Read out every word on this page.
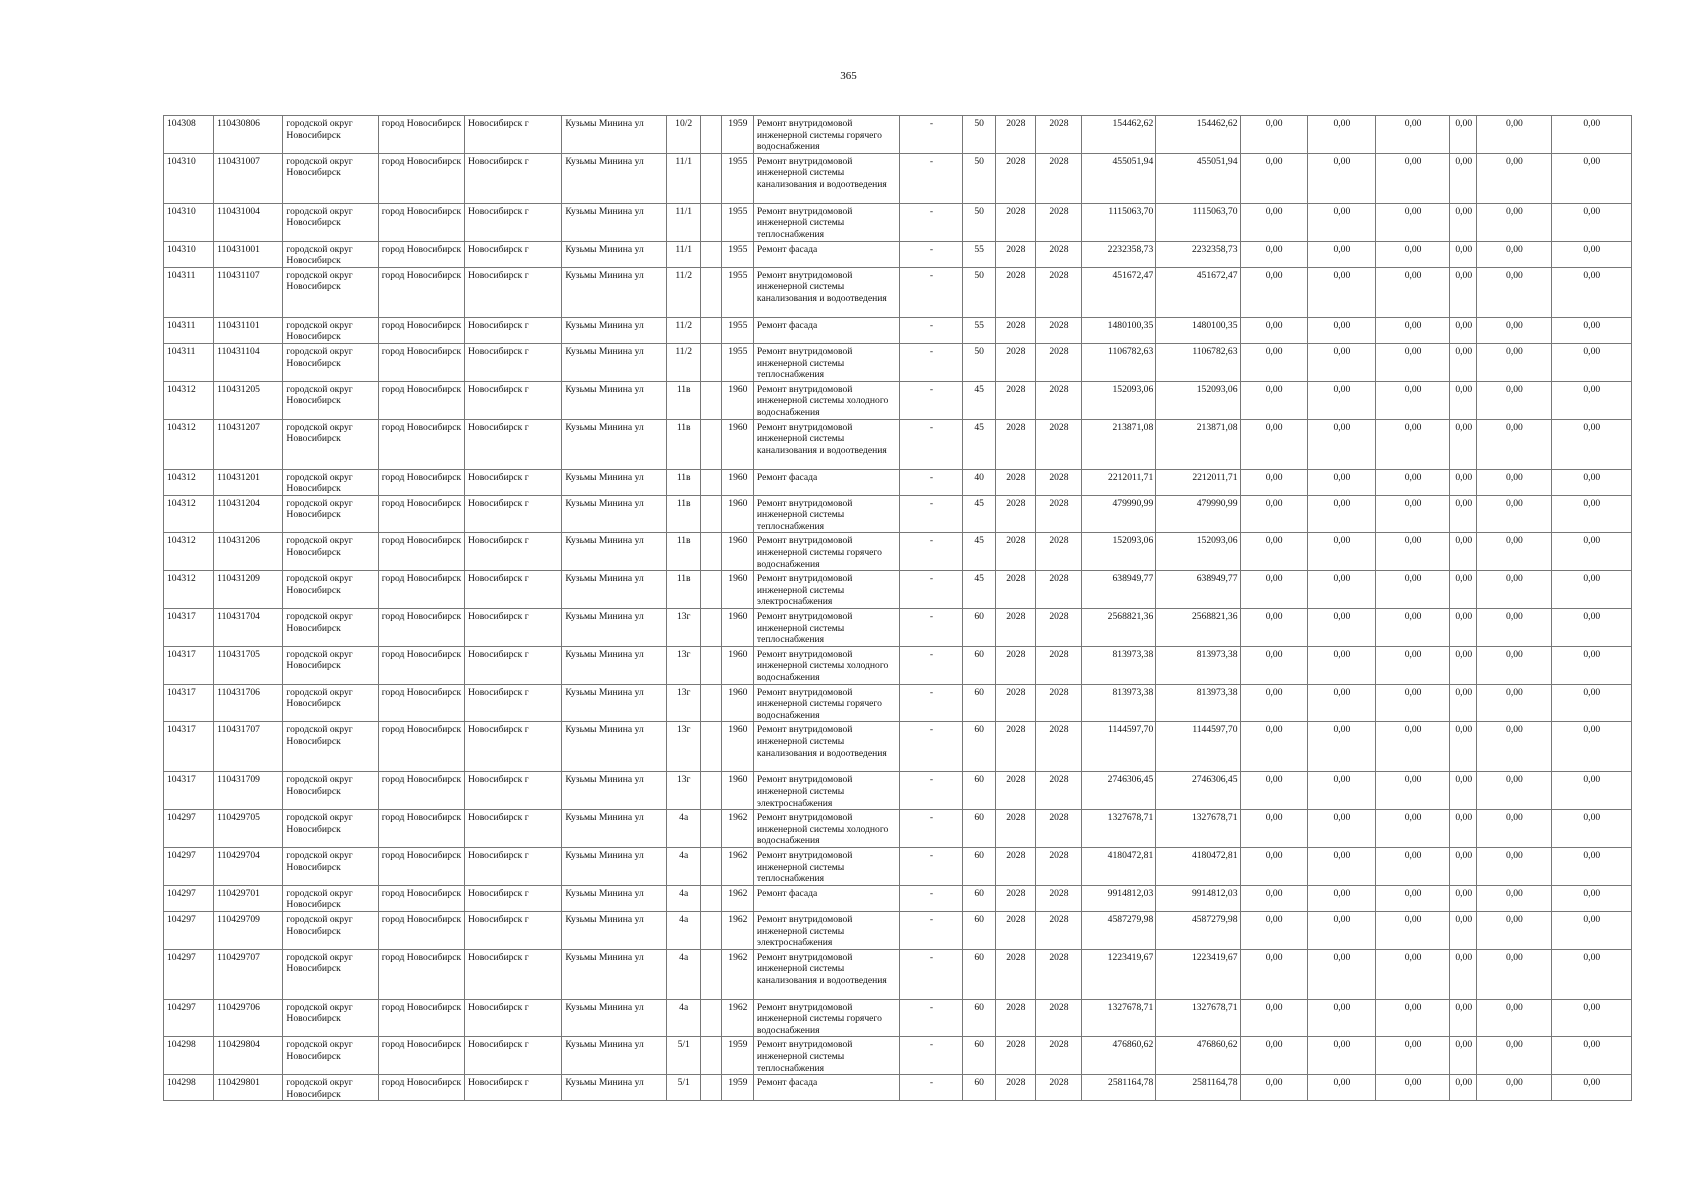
365
104308	110430806	городской округ Новосибирск	город Новосибирск	Новосибирск г	Кузьмы Минина ул	10/2		1959	Ремонт внутридомовой инженерной системы горячего водоснабжения	-	50	2028	2028	154462,62	154462,62	0,00	0,00	0,00	0,00	0,00	0,00
104310	110431007	городской округ Новосибирск	город Новосибирск	Новосибирск г	Кузьмы Минина ул	11/1		1955	Ремонт внутридомовой инженерной системы канализования и водоотведения	-	50	2028	2028	455051,94	455051,94	0,00	0,00	0,00	0,00	0,00	0,00
104310	110431004	городской округ Новосибирск	город Новосибирск	Новосибирск г	Кузьмы Минина ул	11/1		1955	Ремонт внутридомовой инженерной системы теплоснабжения	-	50	2028	2028	1115063,70	1115063,70	0,00	0,00	0,00	0,00	0,00	0,00
104310	110431001	городской округ Новосибирск	город Новосибирск	Новосибирск г	Кузьмы Минина ул	11/1		1955	Ремонт фасада	-	55	2028	2028	2232358,73	2232358,73	0,00	0,00	0,00	0,00	0,00	0,00
104311	110431107	городской округ Новосибирск	город Новосибирск	Новосибирск г	Кузьмы Минина ул	11/2		1955	Ремонт внутридомовой инженерной системы канализования и водоотведения	-	50	2028	2028	451672,47	451672,47	0,00	0,00	0,00	0,00	0,00	0,00
104311	110431101	городской округ Новосибирск	город Новосибирск	Новосибирск г	Кузьмы Минина ул	11/2		1955	Ремонт фасада	-	55	2028	2028	1480100,35	1480100,35	0,00	0,00	0,00	0,00	0,00	0,00
104311	110431104	городской округ Новосибирск	город Новосибирск	Новосибирск г	Кузьмы Минина ул	11/2		1955	Ремонт внутридомовой инженерной системы теплоснабжения	-	50	2028	2028	1106782,63	1106782,63	0,00	0,00	0,00	0,00	0,00	0,00
104312	110431205	городской округ Новосибирск	город Новосибирск	Новосибирск г	Кузьмы Минина ул	11в		1960	Ремонт внутридомовой инженерной системы холодного водоснабжения	-	45	2028	2028	152093,06	152093,06	0,00	0,00	0,00	0,00	0,00	0,00
104312	110431207	городской округ Новосибирск	город Новосибирск	Новосибирск г	Кузьмы Минина ул	11в		1960	Ремонт внутридомовой инженерной системы канализования и водоотведения	-	45	2028	2028	213871,08	213871,08	0,00	0,00	0,00	0,00	0,00	0,00
104312	110431201	городской округ Новосибирск	город Новосибирск	Новосибирск г	Кузьмы Минина ул	11в		1960	Ремонт фасада	-	40	2028	2028	2212011,71	2212011,71	0,00	0,00	0,00	0,00	0,00	0,00
104312	110431204	городской округ Новосибирск	город Новосибирск	Новосибирск г	Кузьмы Минина ул	11в		1960	Ремонт внутридомовой инженерной системы теплоснабжения	-	45	2028	2028	479990,99	479990,99	0,00	0,00	0,00	0,00	0,00	0,00
104312	110431206	городской округ Новосибирск	город Новосибирск	Новосибирск г	Кузьмы Минина ул	11в		1960	Ремонт внутридомовой инженерной системы горячего водоснабжения	-	45	2028	2028	152093,06	152093,06	0,00	0,00	0,00	0,00	0,00	0,00
104312	110431209	городской округ Новосибирск	город Новосибирск	Новосибирск г	Кузьмы Минина ул	11в		1960	Ремонт внутридомовой инженерной системы электроснабжения	-	45	2028	2028	638949,77	638949,77	0,00	0,00	0,00	0,00	0,00	0,00
104317	110431704	городской округ Новосибирск	город Новосибирск	Новосибирск г	Кузьмы Минина ул	13г		1960	Ремонт внутридомовой инженерной системы теплоснабжения	-	60	2028	2028	2568821,36	2568821,36	0,00	0,00	0,00	0,00	0,00	0,00
104317	110431705	городской округ Новосибирск	город Новосибирск	Новосибирск г	Кузьмы Минина ул	13г		1960	Ремонт внутридомовой инженерной системы холодного водоснабжения	-	60	2028	2028	813973,38	813973,38	0,00	0,00	0,00	0,00	0,00	0,00
104317	110431706	городской округ Новосибирск	город Новосибирск	Новосибирск г	Кузьмы Минина ул	13г		1960	Ремонт внутридомовой инженерной системы горячего водоснабжения	-	60	2028	2028	813973,38	813973,38	0,00	0,00	0,00	0,00	0,00	0,00
104317	110431707	городской округ Новосибирск	город Новосибирск	Новосибирск г	Кузьмы Минина ул	13г		1960	Ремонт внутридомовой инженерной системы канализования и водоотведения	-	60	2028	2028	1144597,70	1144597,70	0,00	0,00	0,00	0,00	0,00	0,00
104317	110431709	городской округ Новосибирск	город Новосибирск	Новосибирск г	Кузьмы Минина ул	13г		1960	Ремонт внутридомовой инженерной системы электроснабжения	-	60	2028	2028	2746306,45	2746306,45	0,00	0,00	0,00	0,00	0,00	0,00
104297	110429705	городской округ Новосибирск	город Новосибирск	Новосибирск г	Кузьмы Минина ул	4а		1962	Ремонт внутридомовой инженерной системы холодного водоснабжения	-	60	2028	2028	1327678,71	1327678,71	0,00	0,00	0,00	0,00	0,00	0,00
104297	110429704	городской округ Новосибирск	город Новосибирск	Новосибирск г	Кузьмы Минина ул	4а		1962	Ремонт внутридомовой инженерной системы теплоснабжения	-	60	2028	2028	4180472,81	4180472,81	0,00	0,00	0,00	0,00	0,00	0,00
104297	110429701	городской округ Новосибирск	город Новосибирск	Новосибирск г	Кузьмы Минина ул	4а		1962	Ремонт фасада	-	60	2028	2028	9914812,03	9914812,03	0,00	0,00	0,00	0,00	0,00	0,00
104297	110429709	городской округ Новосибирск	город Новосибирск	Новосибирск г	Кузьмы Минина ул	4а		1962	Ремонт внутридомовой инженерной системы электроснабжения	-	60	2028	2028	4587279,98	4587279,98	0,00	0,00	0,00	0,00	0,00	0,00
104297	110429707	городской округ Новосибирск	город Новосибирск	Новосибирск г	Кузьмы Минина ул	4а		1962	Ремонт внутридомовой инженерной системы канализования и водоотведения	-	60	2028	2028	1223419,67	1223419,67	0,00	0,00	0,00	0,00	0,00	0,00
104297	110429706	городской округ Новосибирск	город Новосибирск	Новосибирск г	Кузьмы Минина ул	4а		1962	Ремонт внутридомовой инженерной системы горячего водоснабжения	-	60	2028	2028	1327678,71	1327678,71	0,00	0,00	0,00	0,00	0,00	0,00
104298	110429804	городской округ Новосибирск	город Новосибирск	Новосибирск г	Кузьмы Минина ул	5/1		1959	Ремонт внутридомовой инженерной системы теплоснабжения	-	60	2028	2028	476860,62	476860,62	0,00	0,00	0,00	0,00	0,00	0,00
104298	110429801	городской округ Новосибирск	город Новосибирск	Новосибирск г	Кузьмы Минина ул	5/1		1959	Ремонт фасада	-	60	2028	2028	2581164,78	2581164,78	0,00	0,00	0,00	0,00	0,00	0,00
